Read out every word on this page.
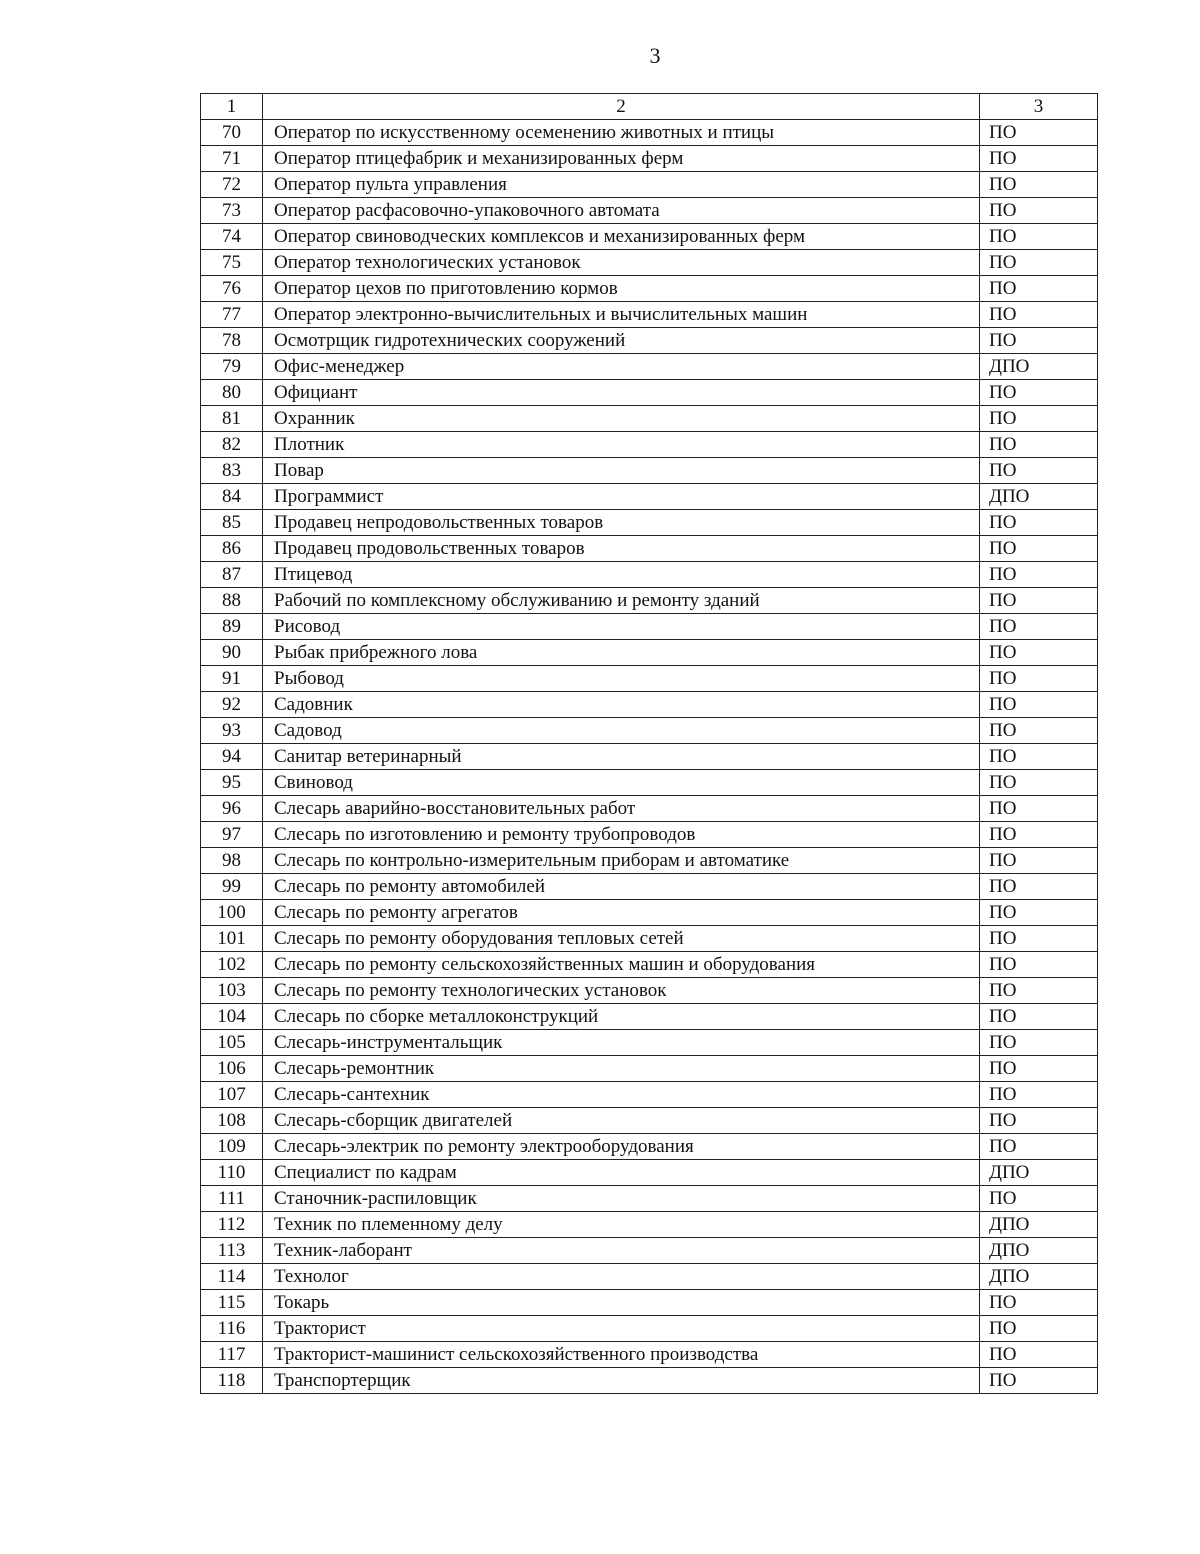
3
1	2	3
70	Оператор по искусственному осеменению животных и птицы	ПО
71	Оператор птицефабрик и механизированных ферм	ПО
72	Оператор пульта управления	ПО
73	Оператор расфасовочно-упаковочного автомата	ПО
74	Оператор свиноводческих комплексов и механизированных ферм	ПО
75	Оператор технологических установок	ПО
76	Оператор цехов по приготовлению кормов	ПО
77	Оператор электронно-вычислительных и вычислительных машин	ПО
78	Осмотрщик гидротехнических сооружений	ПО
79	Офис-менеджер	ДПО
80	Официант	ПО
81	Охранник	ПО
82	Плотник	ПО
83	Повар	ПО
84	Программист	ДПО
85	Продавец непродовольственных товаров	ПО
86	Продавец продовольственных товаров	ПО
87	Птицевод	ПО
88	Рабочий по комплексному обслуживанию и ремонту зданий	ПО
89	Рисовод	ПО
90	Рыбак прибрежного лова	ПО
91	Рыбовод	ПО
92	Садовник	ПО
93	Садовод	ПО
94	Санитар ветеринарный	ПО
95	Свиновод	ПО
96	Слесарь аварийно-восстановительных работ	ПО
97	Слесарь по изготовлению и ремонту трубопроводов	ПО
98	Слесарь по контрольно-измерительным приборам и автоматике	ПО
99	Слесарь по ремонту автомобилей	ПО
100	Слесарь по ремонту агрегатов	ПО
101	Слесарь по ремонту оборудования тепловых сетей	ПО
102	Слесарь по ремонту сельскохозяйственных машин и оборудования	ПО
103	Слесарь по ремонту технологических установок	ПО
104	Слесарь по сборке металлоконструкций	ПО
105	Слесарь-инструментальщик	ПО
106	Слесарь-ремонтник	ПО
107	Слесарь-сантехник	ПО
108	Слесарь-сборщик двигателей	ПО
109	Слесарь-электрик по ремонту электрооборудования	ПО
110	Специалист по кадрам	ДПО
111	Станочник-распиловщик	ПО
112	Техник по племенному делу	ДПО
113	Техник-лаборант	ДПО
114	Технолог	ДПО
115	Токарь	ПО
116	Тракторист	ПО
117	Тракторист-машинист сельскохозяйственного производства	ПО
118	Транспортерщик	ПО
